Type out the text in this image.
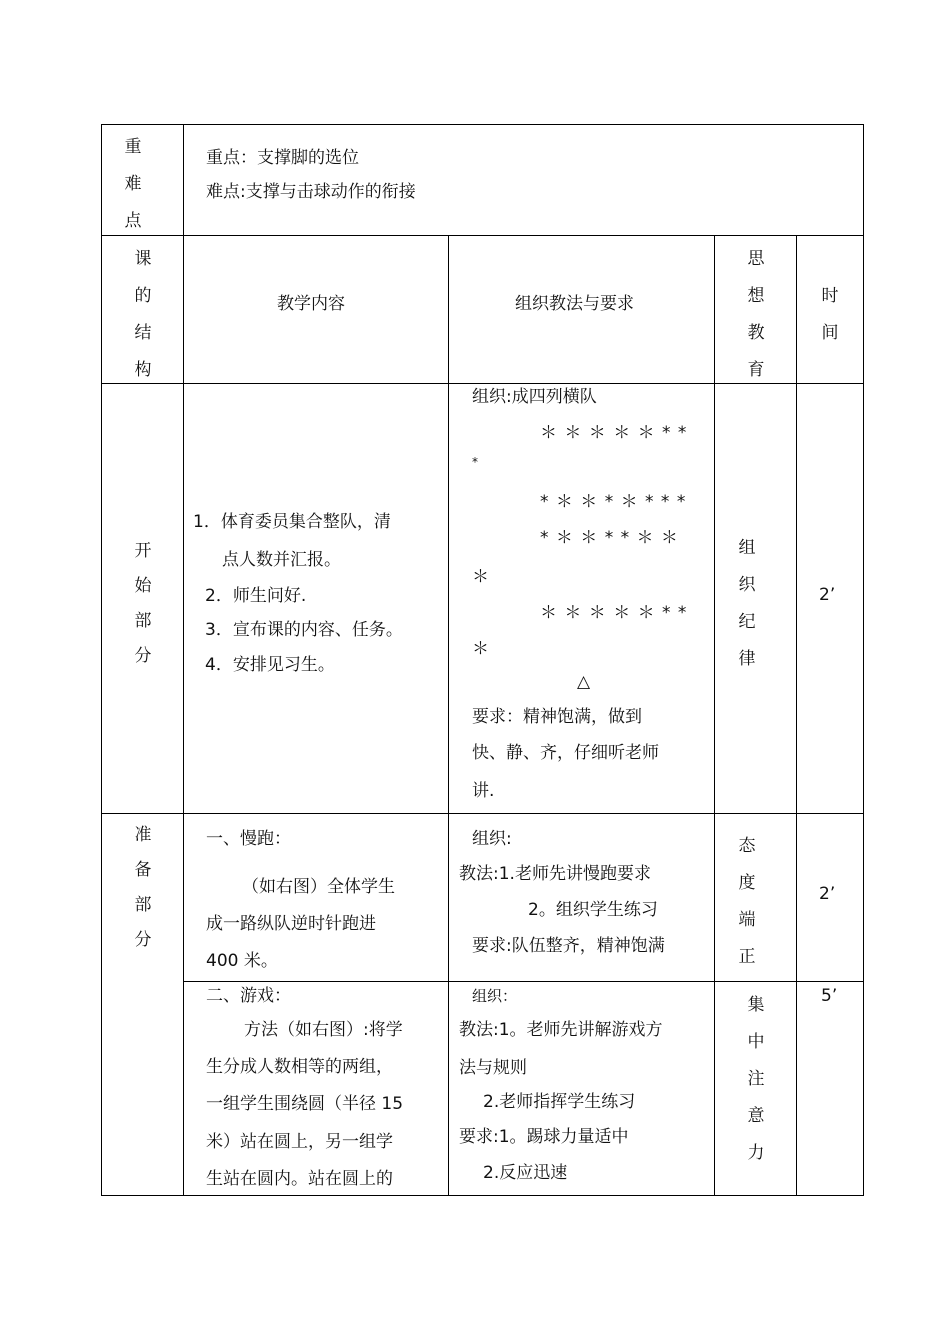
重
难
点
重点：支撑脚的选位
难点:支撑与击球动作的衔接
课
的
结
构
教学内容	组织教法与要求
思
想
教
育
时
间
开
始
部
分
1．体育委员集合整队，清
点人数并汇报。
2．师生问好.
3．宣布课的内容、任务。
4．安排见习生。
组织:成四列横队
＊ ＊ ＊ ＊ ＊ * *
*
* ＊ ＊ * ＊ * * *
* ＊ ＊ * * ＊ ＊
＊
＊ ＊ ＊ ＊ ＊ * *
＊
△
要求：精神饱满，做到
快、静、齐，仔细听老师
讲.
组
织
纪
律
2’
准
备
部
分
一、慢跑：
（如右图）全体学生
成一路纵队逆时针跑进
400 米。
组织:
教法:1.老师先讲慢跑要求
2。组织学生练习
要求:队伍整齐，精神饱满
态
度
端
正
2’
二、游戏：
方法（如右图）:将学
生分成人数相等的两组，
一组学生围绕圆（半径 15
米）站在圆上，另一组学
生站在圆内。站在圆上的
组织：
教法:1。老师先讲解游戏方
法与规则
2.老师指挥学生练习
要求:1。踢球力量适中
2.反应迅速
集
中
注
意
力
5’
